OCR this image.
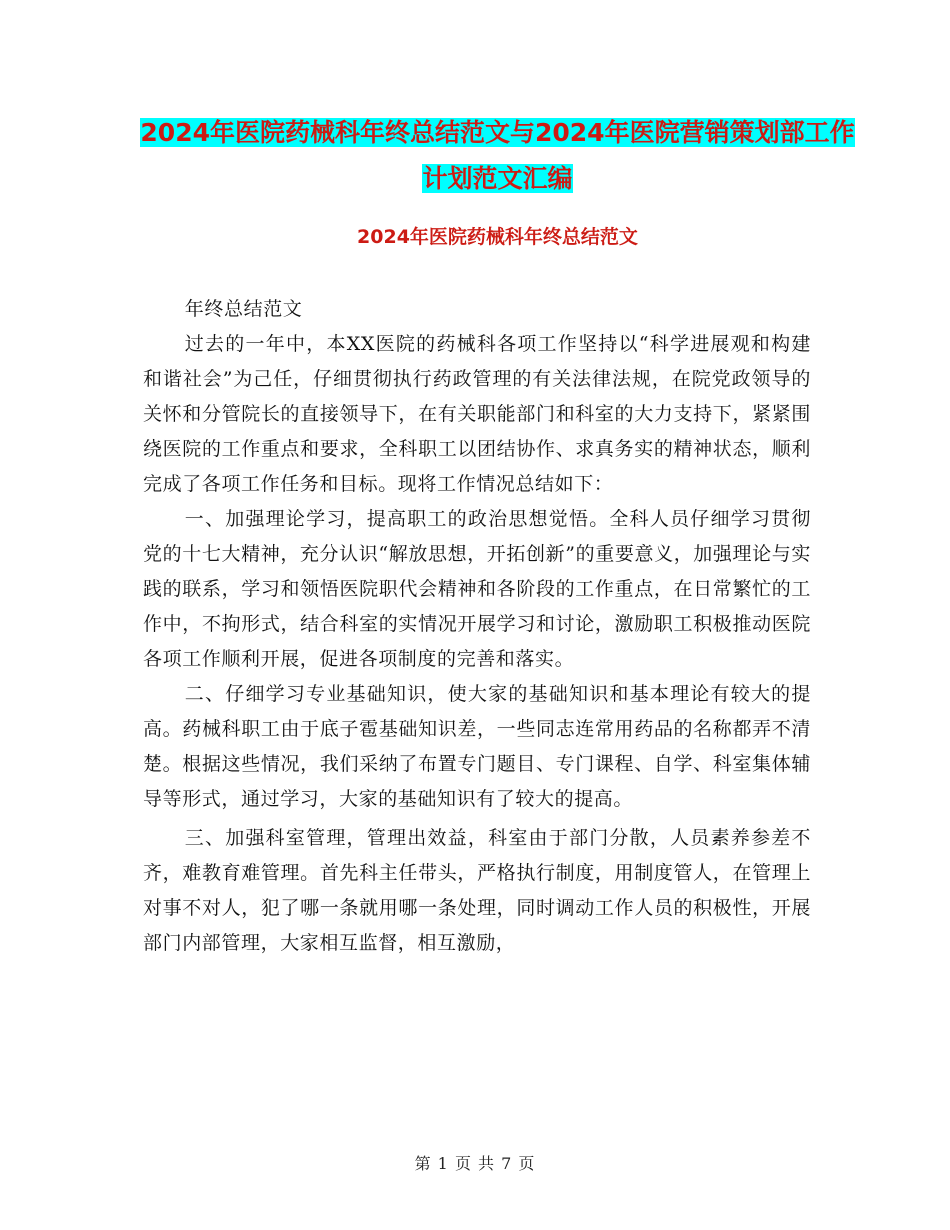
2024年医院药械科年终总结范文与2024年医院营销策划部工作计划范文汇编
2024年医院药械科年终总结范文

年终总结范文

过去的一年中，本XX医院的药械科各项工作坚持以“科学进展观和构建和谐社会”为己任，仔细贯彻执行药政管理的有关法律法规，在院党政领导的关怀和分管院长的直接领导下，在有关职能部门和科室的大力支持下，紧紧围绕医院的工作重点和要求，全科职工以团结协作、求真务实的精神状态，顺利完成了各项工作任务和目标。现将工作情况总结如下：

一、加强理论学习，提高职工的政治思想觉悟。全科人员仔细学习贯彻党的十七大精神，充分认识“解放思想，开拓创新”的重要意义，加强理论与实践的联系，学习和领悟医院职代会精神和各阶段的工作重点，在日常繁忙的工作中，不拘形式，结合科室的实情况开展学习和讨论，激励职工积极推动医院各项工作顺利开展，促进各项制度的完善和落实。

二、仔细学习专业基础知识，使大家的基础知识和基本理论有较大的提高。药械科职工由于底子雹基础知识差，一些同志连常用药品的名称都弄不清楚。根据这些情况，我们采纳了布置专门题目、专门课程、自学、科室集体辅导等形式，通过学习，大家的基础知识有了较大的提高。

三、加强科室管理，管理出效益，科室由于部门分散，人员素养参差不齐，难教育难管理。首先科主任带头，严格执行制度，用制度管人，在管理上对事不对人，犯了哪一条就用哪一条处理，同时调动工作人员的积极性，开展部门内部管理，大家相互监督，相互激励，

第 1 页 共 7 页
